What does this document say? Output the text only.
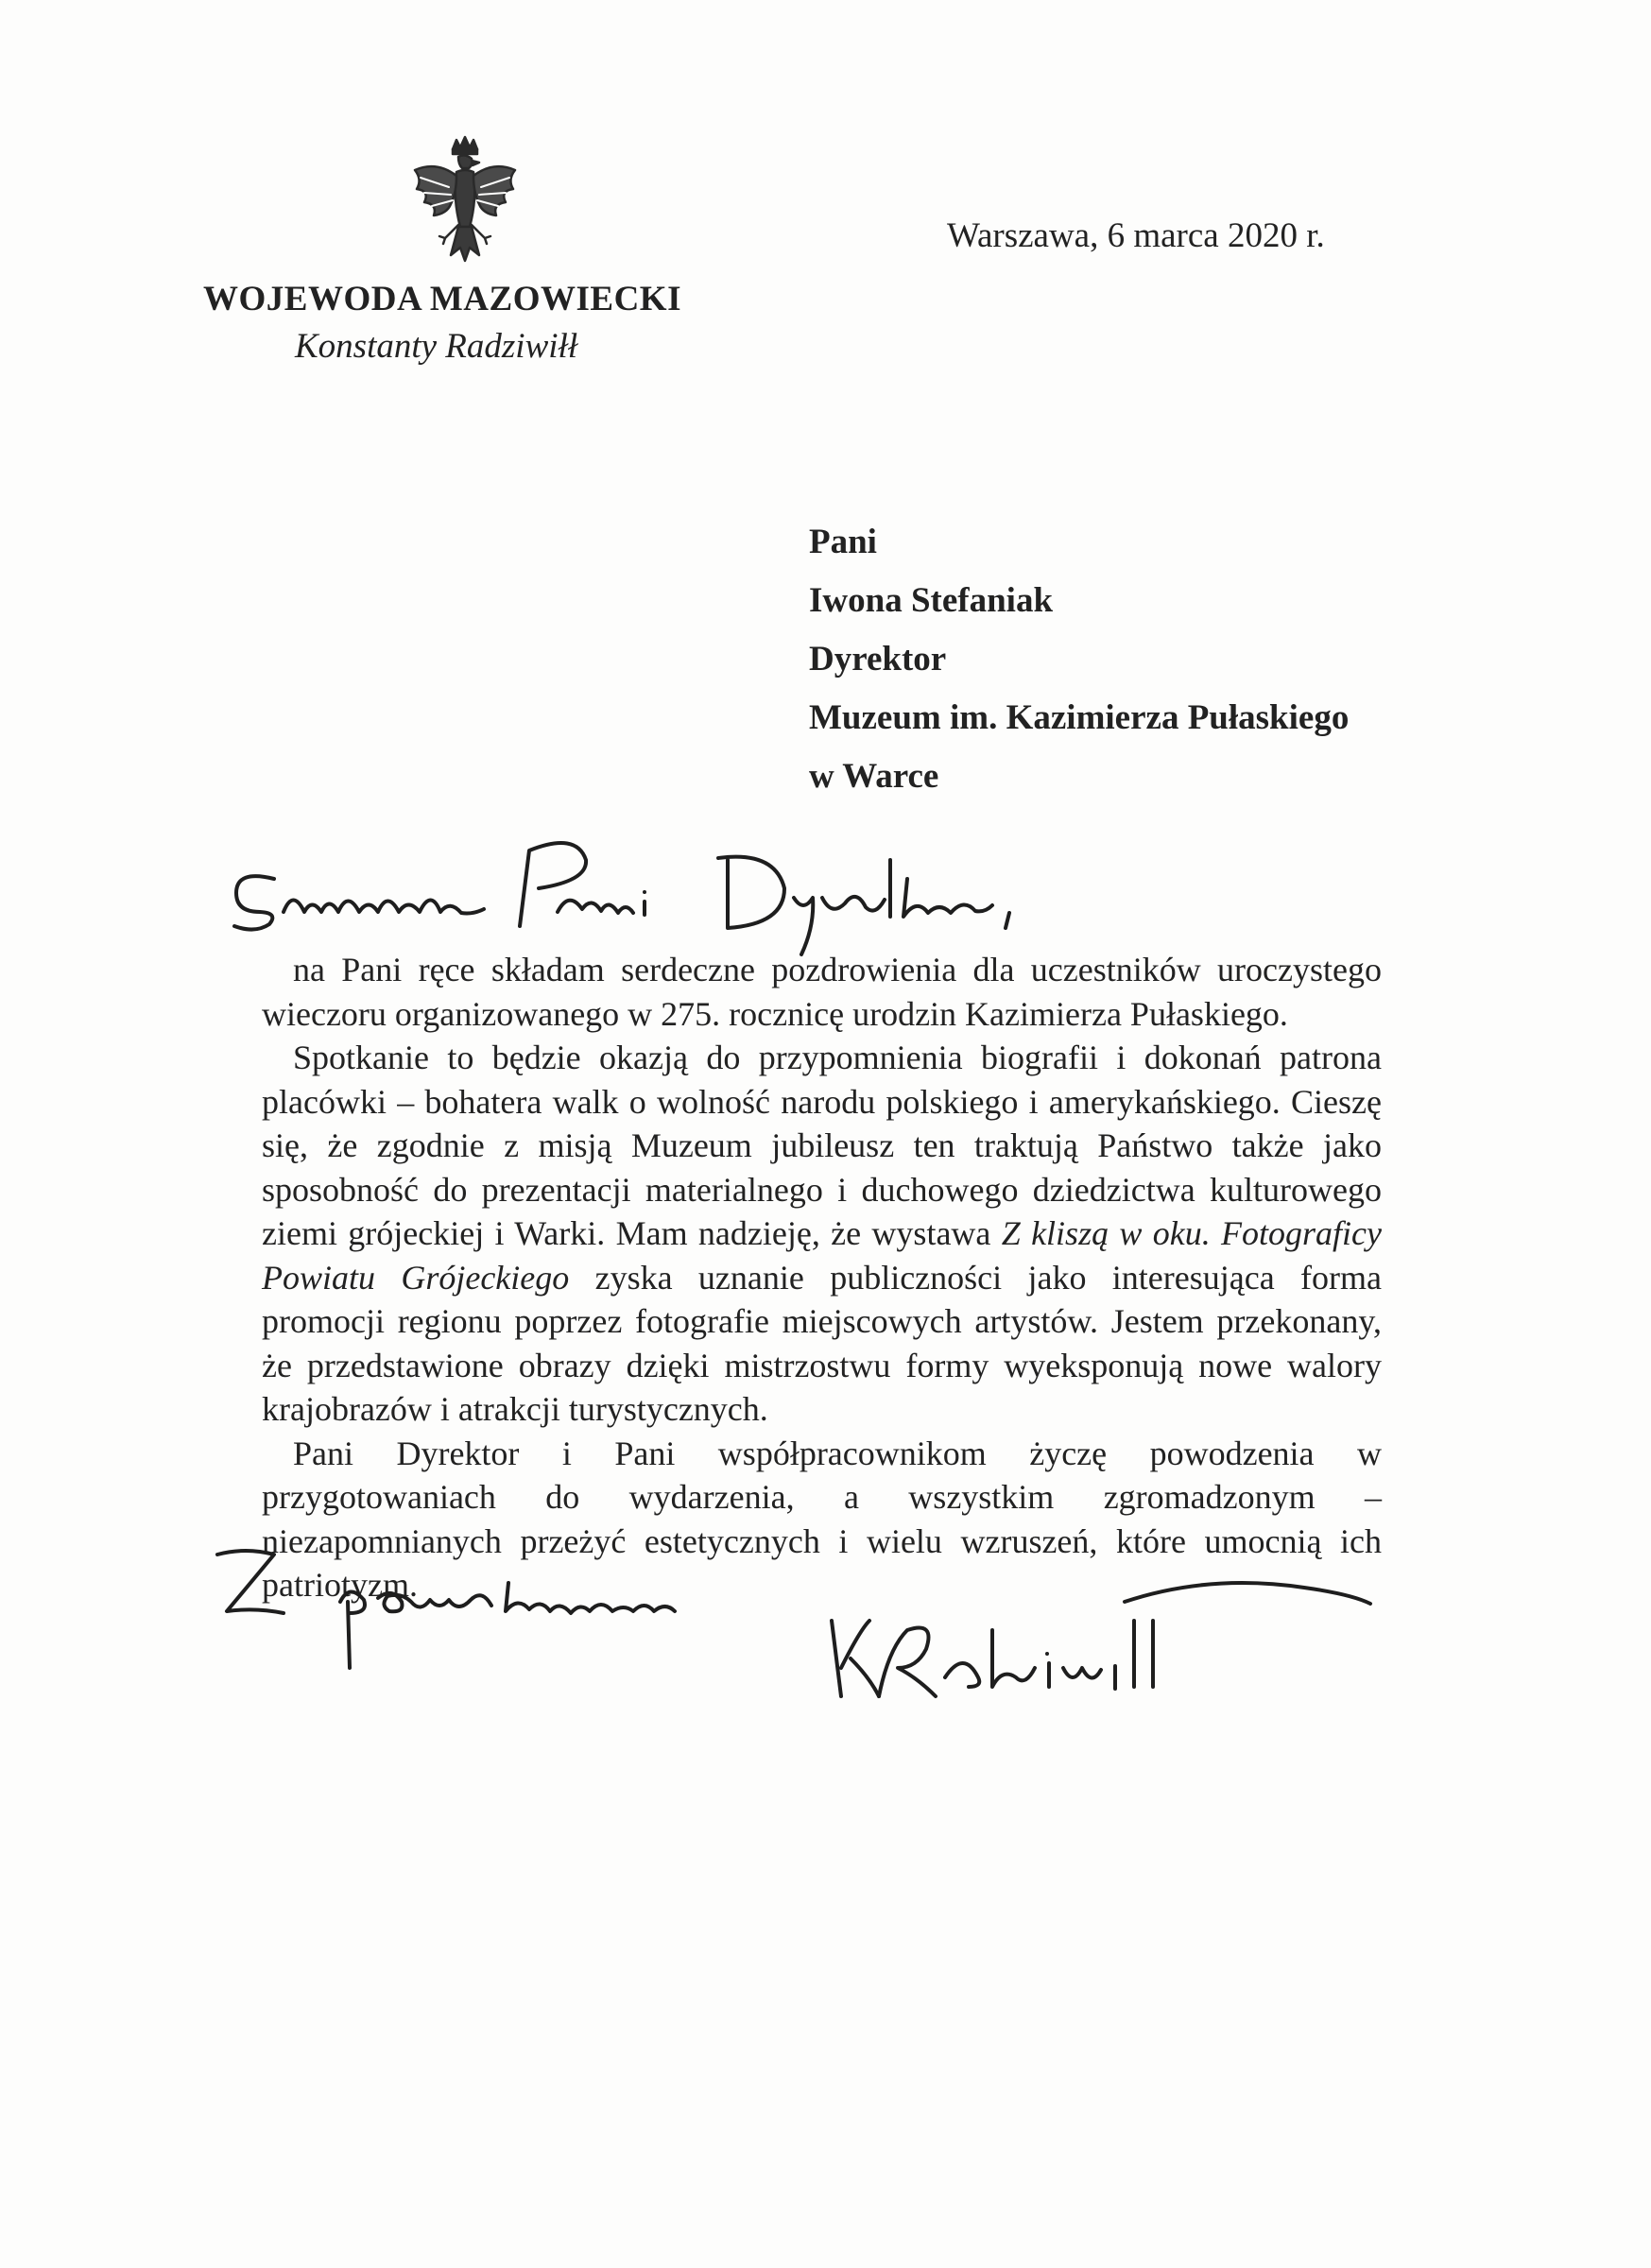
WOJEWODA MAZOWIECKI
Konstanty Radziwiłł
Warszawa, 6 marca 2020 r.
Pani
Iwona Stefaniak
Dyrektor
Muzeum im. Kazimierza Pułaskiego
w Warce

na Pani ręce składam serdeczne pozdrowienia dla uczestników uroczystego wieczoru organizowanego w 275. rocznicę urodzin Kazimierza Pułaskiego.

Spotkanie to będzie okazją do przypomnienia biografii i dokonań patrona placówki – bohatera walk o wolność narodu polskiego i amerykańskiego. Cieszę się, że zgodnie z misją Muzeum jubileusz ten traktują Państwo także jako sposobność do prezentacji materialnego i duchowego dziedzictwa kulturowego ziemi grójeckiej i Warki. Mam nadzieję, że wystawa Z kliszą w oku. Fotograficy Powiatu Grójeckiego zyska uznanie publiczności jako interesująca forma promocji regionu poprzez fotografie miejscowych artystów. Jestem przekonany, że przedstawione obrazy dzięki mistrzostwu formy wyeksponują nowe walory krajobrazów i atrakcji turystycznych.

Pani Dyrektor i Pani współpracownikom życzę powodzenia w przygotowaniach do wydarzenia, a wszystkim zgromadzonym – niezapomnianych przeżyć estetycznych i wielu wzruszeń, które umocnią ich patriotyzm.
